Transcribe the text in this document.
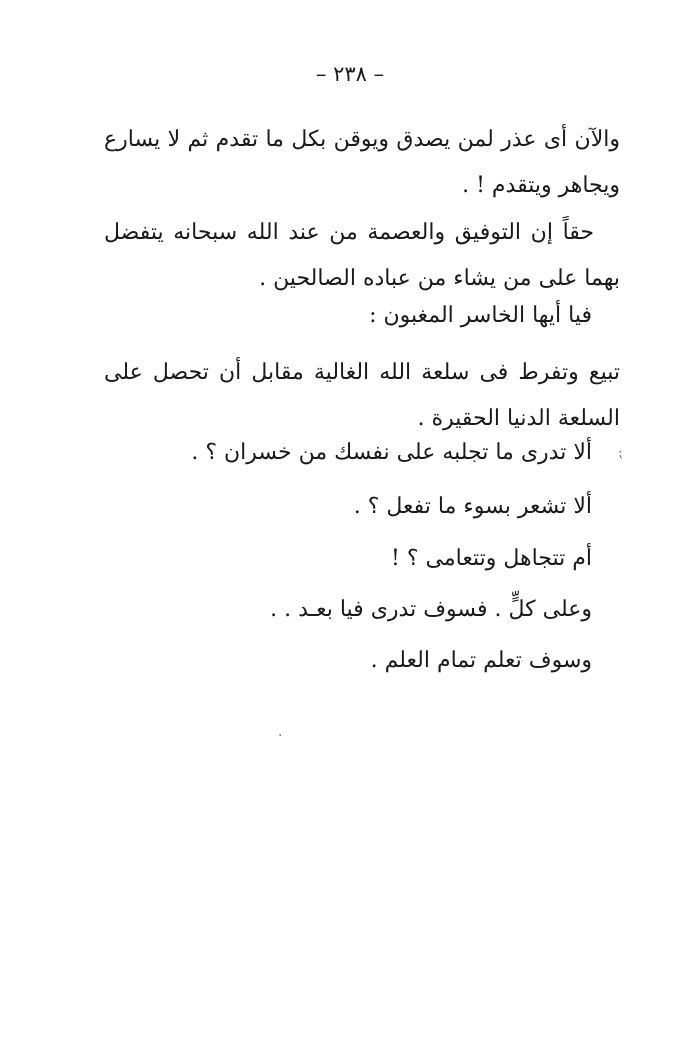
– ٢٣٨ –
والآن أى عذر لمن يصدق ويوقن بكل ما تقدم ثم لا يسارع ويجاهر ويتقدم ! .
حقاً إن التوفيق والعصمة من عند الله سبحانه يتفضل بهما على من يشاء من عباده الصالحين .
فيا أيها الخاسر المغبون :
تبيع وتفرط فى سلعة الله الغالية مقابل أن تحصل على السلعة الدنيا الحقيرة .
ألا تدرى ما تجلبه على نفسك من خسران ؟ .
ألا تشعر بسوء ما تفعل ؟ .
أم تتجاهل وتتعامى ؟ !
وعلى كلٍّ . فسوف تدرى فيا بعـد . .
وسوف تعلم تمام العلم .
⁏
·
